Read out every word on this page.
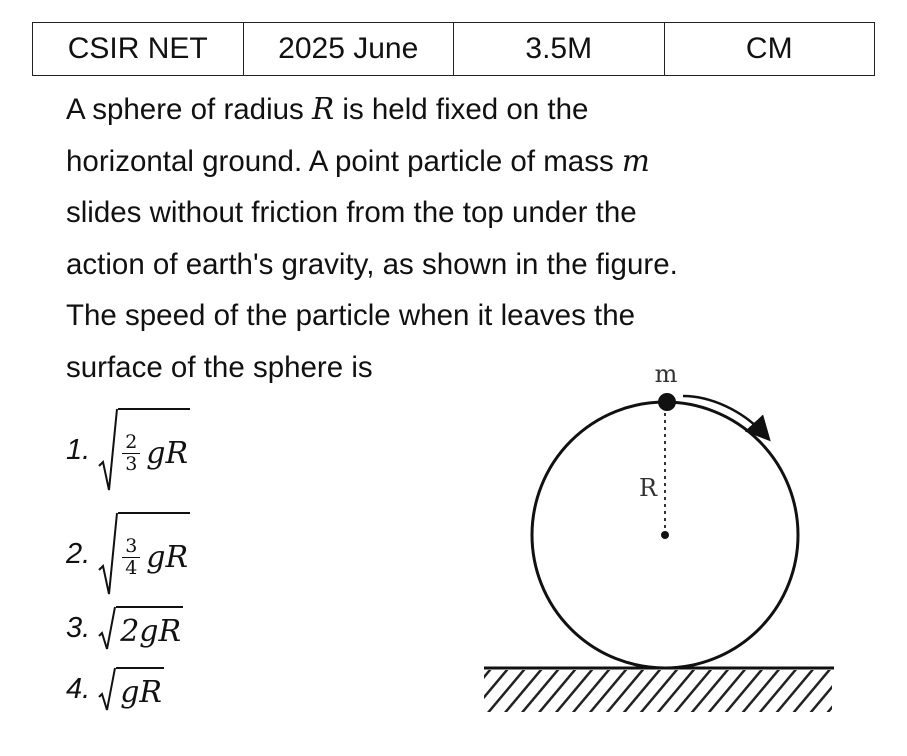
CSIR NET	2025 June	3.5M	CM
A sphere of radius R is held fixed on the
horizontal ground. A point particle of mass m
slides without friction from the top under the
action of earth's gravity, as shown in the figure.
The speed of the particle when it leaves the
surface of the sphere is
1. $\frac{2}{3}$ gR
2. $\frac{3}{4}$ gR
3. 2gR
4. gR
m
R
